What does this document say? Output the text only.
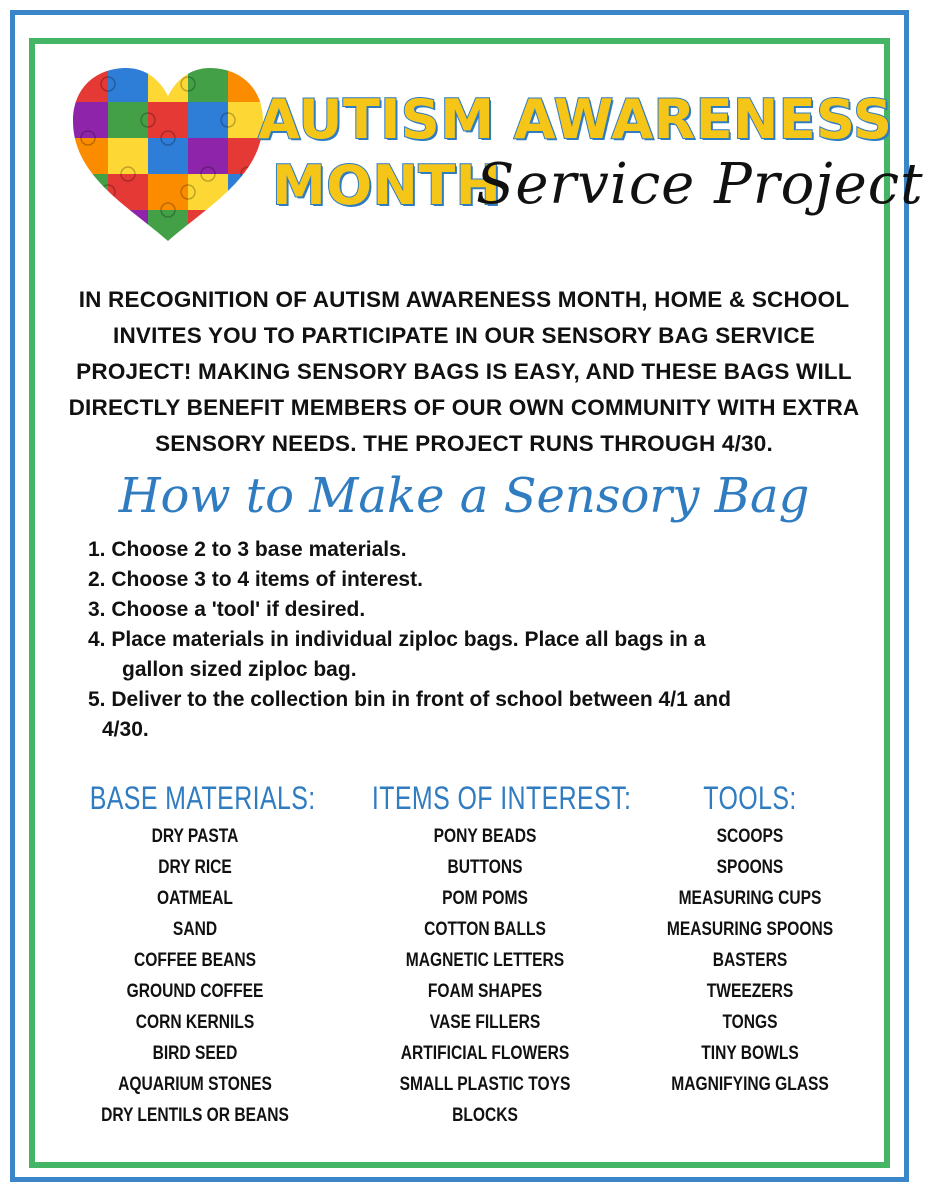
AUTISM AWARENESS
MONTH
Service Project
IN RECOGNITION OF AUTISM AWARENESS MONTH, HOME & SCHOOL INVITES YOU TO PARTICIPATE IN OUR SENSORY BAG SERVICE PROJECT! MAKING SENSORY BAGS IS EASY, AND THESE BAGS WILL DIRECTLY BENEFIT MEMBERS OF OUR OWN COMMUNITY WITH EXTRA SENSORY NEEDS. THE PROJECT RUNS THROUGH 4/30.
How to Make a Sensory Bag

1. Choose 2 to 3 base materials.

2. Choose 3 to 4 items of interest.

3. Choose a 'tool' if desired.

4. Place materials in individual ziploc bags. Place all bags in a
gallon sized ziploc bag.

5. Deliver to the collection bin in front of school between 4/1 and
4/30.

BASE MATERIALS:
DRY PASTA
DRY RICE
OATMEAL
SAND
COFFEE BEANS
GROUND COFFEE
CORN KERNILS
BIRD SEED
AQUARIUM STONES
DRY LENTILS OR BEANS
ITEMS OF INTEREST:
PONY BEADS
BUTTONS
POM POMS
COTTON BALLS
MAGNETIC LETTERS
FOAM SHAPES
VASE FILLERS
ARTIFICIAL FLOWERS
SMALL PLASTIC TOYS
BLOCKS
TOOLS:
SCOOPS
SPOONS
MEASURING CUPS
MEASURING SPOONS
BASTERS
TWEEZERS
TONGS
TINY BOWLS
MAGNIFYING GLASS
